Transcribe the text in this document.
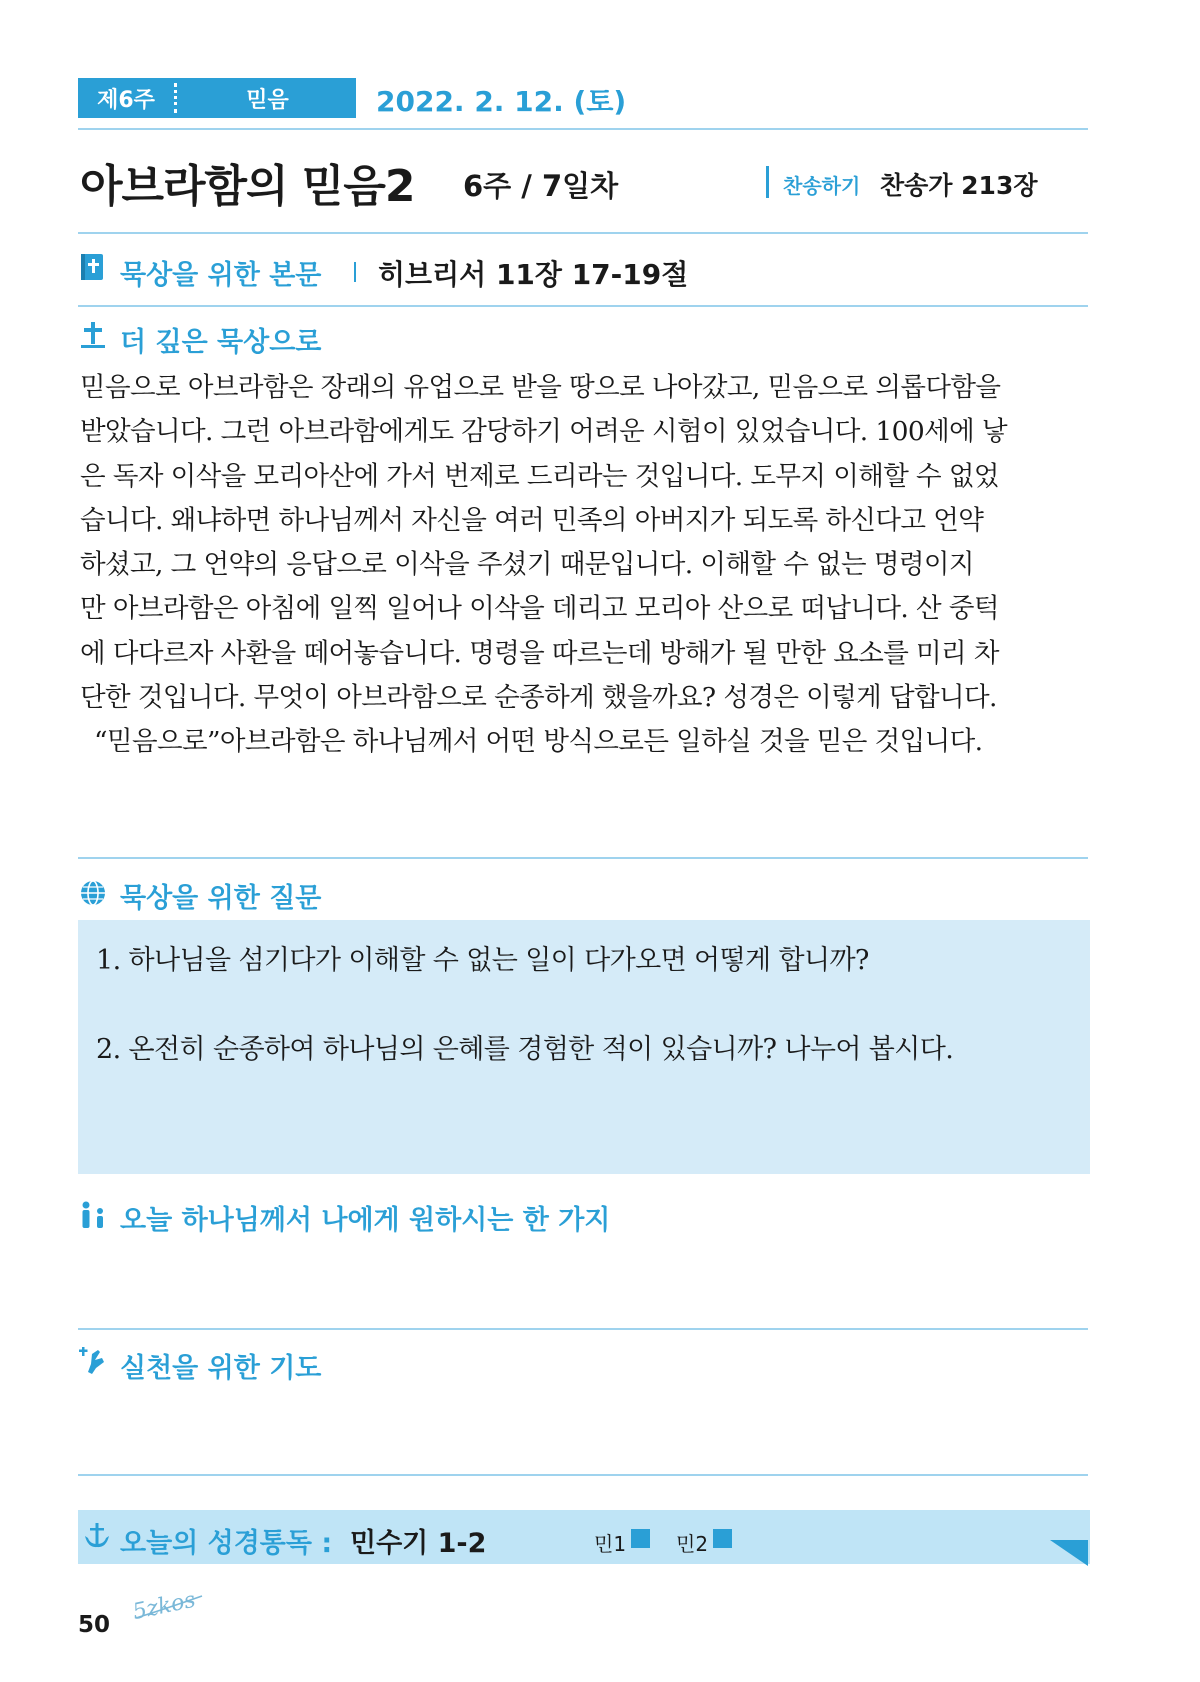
제6주	믿음	2022. 2. 12. (토)
아브라함의 믿음2 6주 / 7일차	찬송하기 찬송가 213장
묵상을 위한 본문 히브리서 11장 17-19절
더 깊은 묵상으로
믿음으로 아브라함은 장래의 유업으로 받을 땅으로 나아갔고, 믿음으로 의롭다함을
받았습니다. 그런 아브라함에게도 감당하기 어려운 시험이 있었습니다. 100세에 낳
은 독자 이삭을 모리아산에 가서 번제로 드리라는 것입니다. 도무지 이해할 수 없었
습니다. 왜냐하면 하나님께서 자신을 여러 민족의 아버지가 되도록 하신다고 언약
하셨고, 그 언약의 응답으로 이삭을 주셨기 때문입니다. 이해할 수 없는 명령이지
만 아브라함은 아침에 일찍 일어나 이삭을 데리고 모리아 산으로 떠납니다. 산 중턱
에 다다르자 사환을 떼어놓습니다. 명령을 따르는데 방해가 될 만한 요소를 미리 차
단한 것입니다. 무엇이 아브라함으로 순종하게 했을까요? 성경은 이렇게 답합니다.
“믿음으로”아브라함은 하나님께서 어떤 방식으로든 일하실 것을 믿은 것입니다.
묵상을 위한 질문
1. 하나님을 섬기다가 이해할 수 없는 일이 다가오면 어떻게 합니까?
2. 온전히 순종하여 하나님의 은혜를 경험한 적이 있습니까? 나누어 봅시다.
오늘 하나님께서 나에게 원하시는 한 가지
실천을 위한 기도
오늘의 성경통독 : 민수기 1-2	민1 민2
50 5zkos
